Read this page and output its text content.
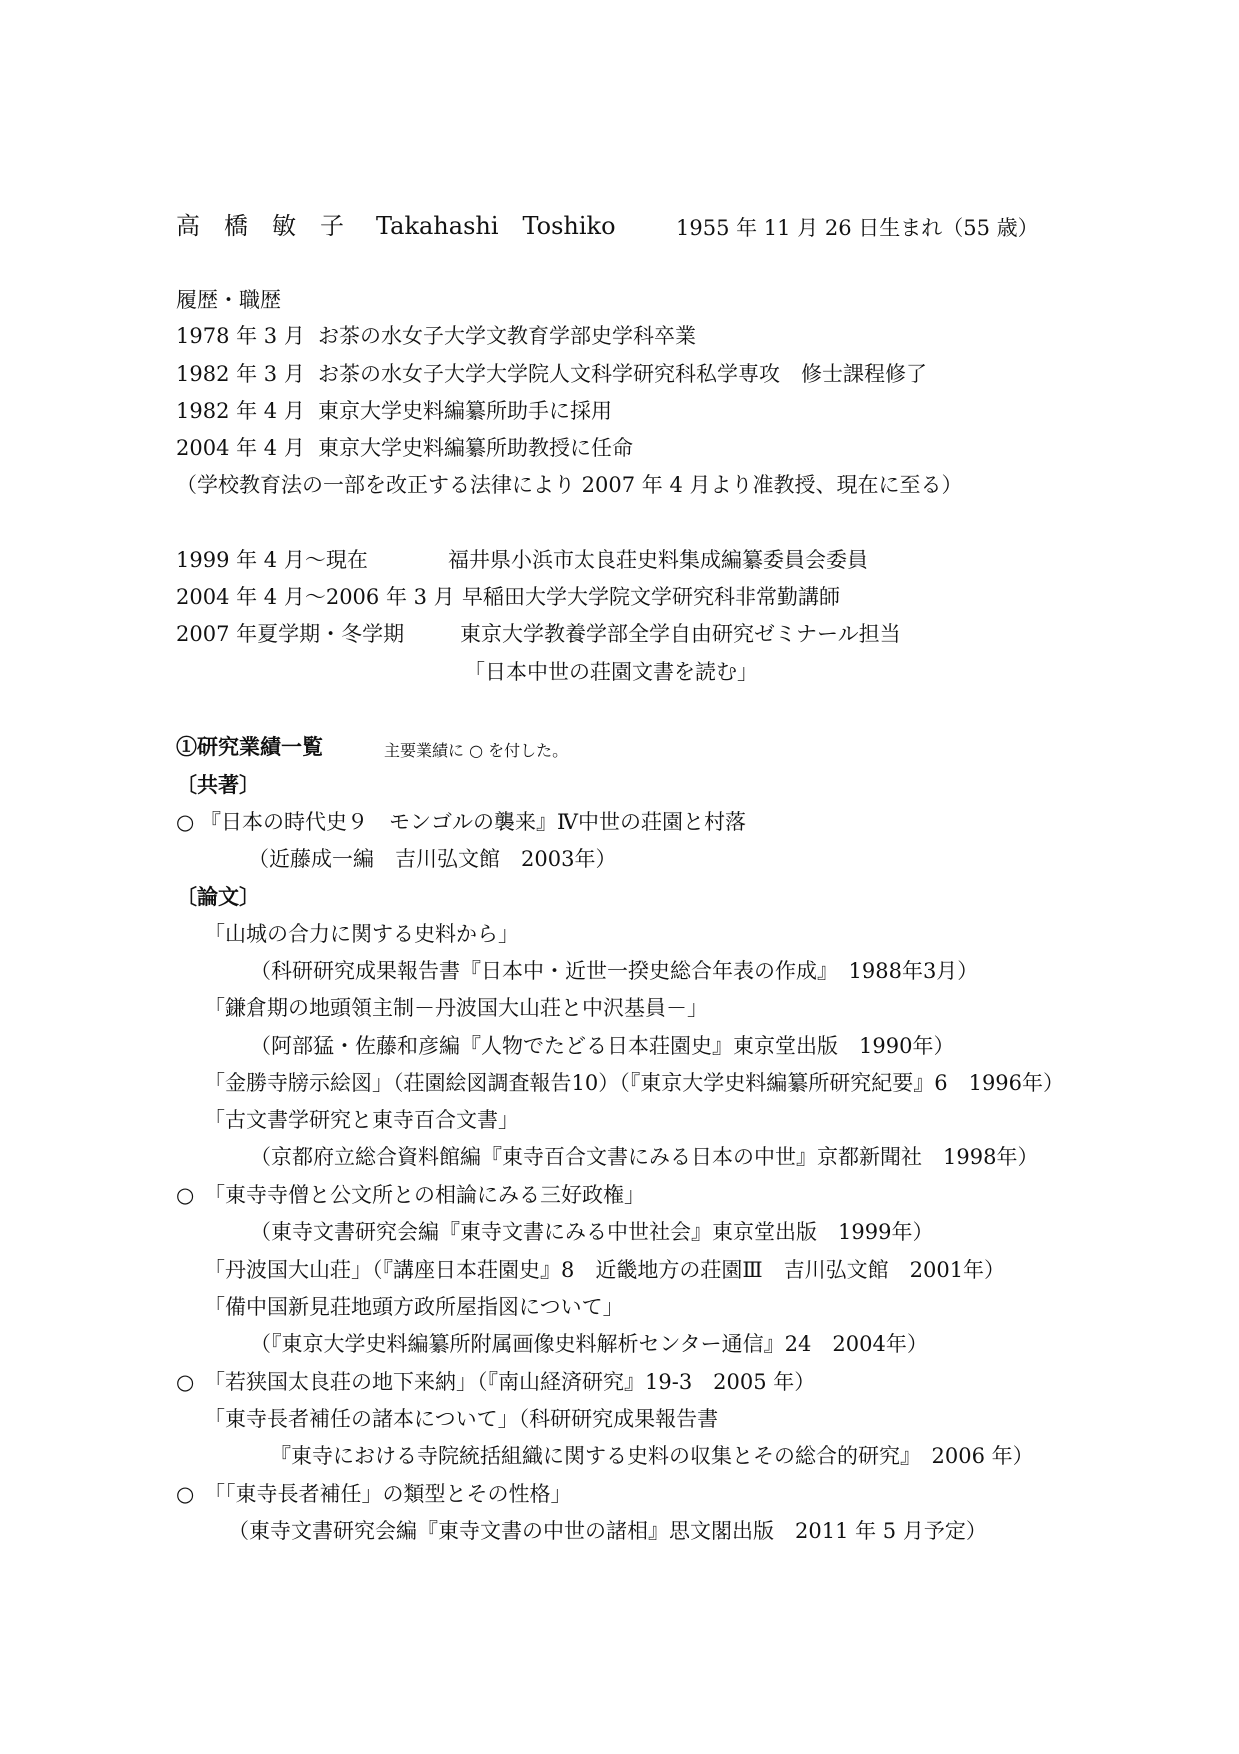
高　橋　敏　子 Takahashi　Toshiko	1955 年 11 月 26 日生まれ（55 歳）
履歴・職歴
1978 年 3 月 お茶の水女子大学文教育学部史学科卒業
1982 年 3 月 お茶の水女子大学大学院人文科学研究科私学専攻　修士課程修了
1982 年 4 月 東京大学史料編纂所助手に採用
2004 年 4 月 東京大学史料編纂所助教授に任命
（学校教育法の一部を改正する法律により 2007 年 4 月より准教授、現在に至る）
1999 年 4 月～現在	福井県小浜市太良荘史料集成編纂委員会委員
2004 年 4 月～2006 年 3 月 早稲田大学大学院文学研究科非常勤講師
2007 年夏学期・冬学期	東京大学教養学部全学自由研究ゼミナール担当
「日本中世の荘園文書を読む」
①研究業績一覧	主要業績に ○ を付した。
〔共著〕
○ 『日本の時代史９　モンゴルの襲来』Ⅳ中世の荘園と村落
（近藤成一編　吉川弘文館　2003年）
〔論文〕
「山城の合力に関する史料から」
（科研研究成果報告書『日本中・近世一揆史総合年表の作成』　1988年3月）
「鎌倉期の地頭領主制－丹波国大山荘と中沢基員－」
（阿部猛・佐藤和彦編『人物でたどる日本荘園史』東京堂出版　1990年）
「金勝寺牓示絵図」（荘園絵図調査報告10）（『東京大学史料編纂所研究紀要』6　1996年）
「古文書学研究と東寺百合文書」
（京都府立総合資料館編『東寺百合文書にみる日本の中世』京都新聞社　1998年）
○ 「東寺寺僧と公文所との相論にみる三好政権」
（東寺文書研究会編『東寺文書にみる中世社会』東京堂出版　1999年）
「丹波国大山荘」（『講座日本荘園史』8　近畿地方の荘園Ⅲ　吉川弘文館　2001年）
「備中国新見荘地頭方政所屋指図について」
（『東京大学史料編纂所附属画像史料解析センター通信』24　2004年）
○ 「若狭国太良荘の地下来納」（『南山経済研究』19-3　2005 年）
「東寺長者補任の諸本について」（科研研究成果報告書
『東寺における寺院統括組織に関する史料の収集とその総合的研究』　2006 年）
○ 「「東寺長者補任」の類型とその性格」
（東寺文書研究会編『東寺文書の中世の諸相』思文閣出版　2011 年 5 月予定）
